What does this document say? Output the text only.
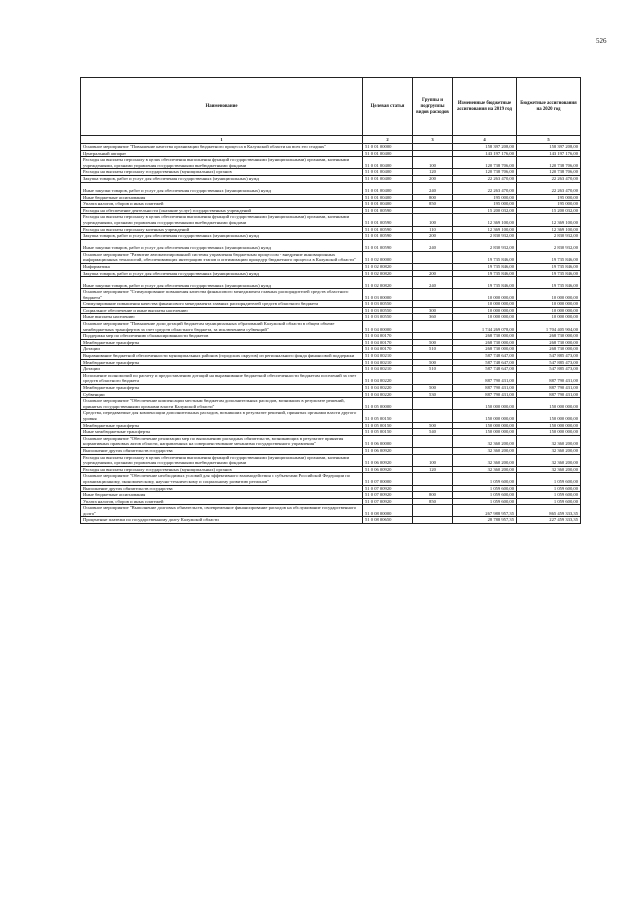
526
Наименование	Целевая статья	Группы и подгруппы видов расходов	Измененные бюджетные ассигнования на 2019 год	Бюджетные ассигнования на 2020 год
1	2	3	4	5
Основное мероприятие "Повышение качества организации бюджетного процесса в Калужской области на всех его стадиях"	51 0 01 00000		158 397 208,00	158 397 208,00
Центральный аппарат	51 0 01 00400		143 197 176,00	143 197 176,00
Расходы на выплаты персоналу в целях обеспечения выполнения функций государственными (муниципальными) органами, казенными учреждениями, органами управления государственными внебюджетными фондами	51 0 01 00400	100	120 738 706,00	120 738 706,00
Расходы на выплаты персоналу государственных (муниципальных) органов	51 0 01 00400	120	120 738 706,00	120 738 706,00
Закупка товаров, работ и услуг для обеспечения государственных (муниципальных) нужд	51 0 01 00400	200	22 263 470,00	22 263 470,00
Иные закупки товаров, работ и услуг для обеспечения государственных (муниципальных) нужд	51 0 01 00400	240	22 263 470,00	22 263 470,00
Иные бюджетные ассигнования	51 0 01 00400	800	195 000,00	195 000,00
Уплата налогов, сборов и иных платежей	51 0 01 00400	850	195 000,00	195 000,00
Расходы на обеспечение деятельности (оказание услуг) государственных учреждений	51 0 01 00590		15 200 032,00	15 200 032,00
Расходы на выплаты персоналу в целях обеспечения выполнения функций государственными (муниципальными) органами, казенными учреждениями, органами управления государственными внебюджетными фондами	51 0 01 00590	100	12 369 100,00	12 369 100,00
Расходы на выплаты персоналу казенных учреждений	51 0 01 00590	110	12 369 100,00	12 369 100,00
Закупка товаров, работ и услуг для обеспечения государственных (муниципальных) нужд	51 0 01 00590	200	2 830 932,00	2 830 932,00
Иные закупки товаров, работ и услуг для обеспечения государственных (муниципальных) нужд	51 0 01 00590	240	2 830 932,00	2 830 932,00
Основное мероприятие "Развитие автоматизированной системы управления бюджетным процессом - внедрение инновационных информационных технологий, обеспечивающих интеграцию этапов и оптимизацию процедур бюджетного процесса в Калужской области"	51 0 02 00000		19 735 846,00	19 735 846,00
Информатика	51 0 02 00820		19 735 846,00	19 735 846,00
Закупка товаров, работ и услуг для обеспечения государственных (муниципальных) нужд	51 0 02 00820	200	19 735 846,00	19 735 846,00
Иные закупки товаров, работ и услуг для обеспечения государственных (муниципальных) нужд	51 0 02 00820	240	19 735 846,00	19 735 846,00
Основное мероприятие "Стимулирование повышения качества финансового менеджмента главных распорядителей средств областного бюджета"	51 0 03 00000		10 000 000,00	10 000 000,00
Стимулирование повышения качества финансового менеджмента главных распорядителей средств областного бюджета	51 0 03 00550		10 000 000,00	10 000 000,00
Социальное обеспечение и иные выплаты населению	51 0 03 00550	300	10 000 000,00	10 000 000,00
Иные выплаты населению	51 0 03 00550	360	10 000 000,00	10 000 000,00
Основное мероприятие "Повышение доли дотаций бюджетам муниципальных образований Калужской области в общем объеме межбюджетных трансфертов за счет средств областного бюджета, за исключением субвенций"	51 0 04 00000		1 744 269 078,00	1 704 405 904,00
Поддержка мер по обеспечению сбалансированности бюджетов	51 0 04 00170		268 730 000,00	268 730 000,00
Межбюджетные трансферты	51 0 04 00170	500	268 730 000,00	268 730 000,00
Дотации	51 0 04 00170	510	268 730 000,00	268 730 000,00
Выравнивание бюджетной обеспеченности муниципальных районов (городских округов) из регионального фонда финансовой поддержки	51 0 04 00210		587 748 647,00	547 885 473,00
Межбюджетные трансферты	51 0 04 00210	500	587 748 647,00	547 885 473,00
Дотации	51 0 04 00210	510	587 748 647,00	547 885 473,00
Исполнение полномочий по расчету и предоставлению дотаций на выравнивание бюджетной обеспеченности бюджетам поселений за счет средств областного бюджета	51 0 04 00220		887 790 431,00	887 790 431,00
Межбюджетные трансферты	51 0 04 00220	500	887 790 431,00	887 790 431,00
Субвенции	51 0 04 00220	530	887 790 431,00	887 790 431,00
Основное мероприятие "Обеспечение компенсации местным бюджетам дополнительных расходов, возникших в результате решений, принятых государственными органами власти Калужской области"	51 0 05 00000		150 000 000,00	150 000 000,00
Средства, передаваемые для компенсации дополнительных расходов, возникших в результате решений, принятых органами власти другого уровня	51 0 05 00150		150 000 000,00	150 000 000,00
Межбюджетные трансферты	51 0 05 00150	500	150 000 000,00	150 000 000,00
Иные межбюджетные трансферты	51 0 05 00150	540	150 000 000,00	150 000 000,00
Основное мероприятие "Обеспечение реализации мер по выполнению расходных обязательств, возникающих в результате принятия нормативных правовых актов области, направленных на совершенствование механизма государственного управления"	51 0 06 00000		32 360 200,00	32 360 200,00
Выполнение других обязательств государства	51 0 06 00920		32 360 200,00	32 360 200,00
Расходы на выплаты персоналу в целях обеспечения выполнения функций государственными (муниципальными) органами, казенными учреждениями, органами управления государственными внебюджетными фондами	51 0 06 00920	100	32 360 200,00	32 360 200,00
Расходы на выплаты персоналу государственных (муниципальных) органов	51 0 06 00920	120	32 360 200,00	32 360 200,00
Основное мероприятие "Обеспечение необходимых условий для эффективного взаимодействия с субъектами Российской Федерации по организационному, экономическому, научно-техническому и социальному развитию регионов"	51 0 07 00000		1 059 600,00	1 059 600,00
Выполнение других обязательств государства	51 0 07 00920		1 059 600,00	1 059 600,00
Иные бюджетные ассигнования	51 0 07 00920	800	1 059 600,00	1 059 600,00
Уплата налогов, сборов и иных платежей	51 0 07 00920	850	1 059 600,00	1 059 600,00
Основное мероприятие "Выполнение долговых обязательств, своевременное финансирование расходов на обслуживание государственного долга"	51 0 08 00000		267 988 957,35	865 459 333,35
Процентные платежи по государственному долгу Калужской области	51 0 08 00650		28 788 957,35	227 459 333,35
